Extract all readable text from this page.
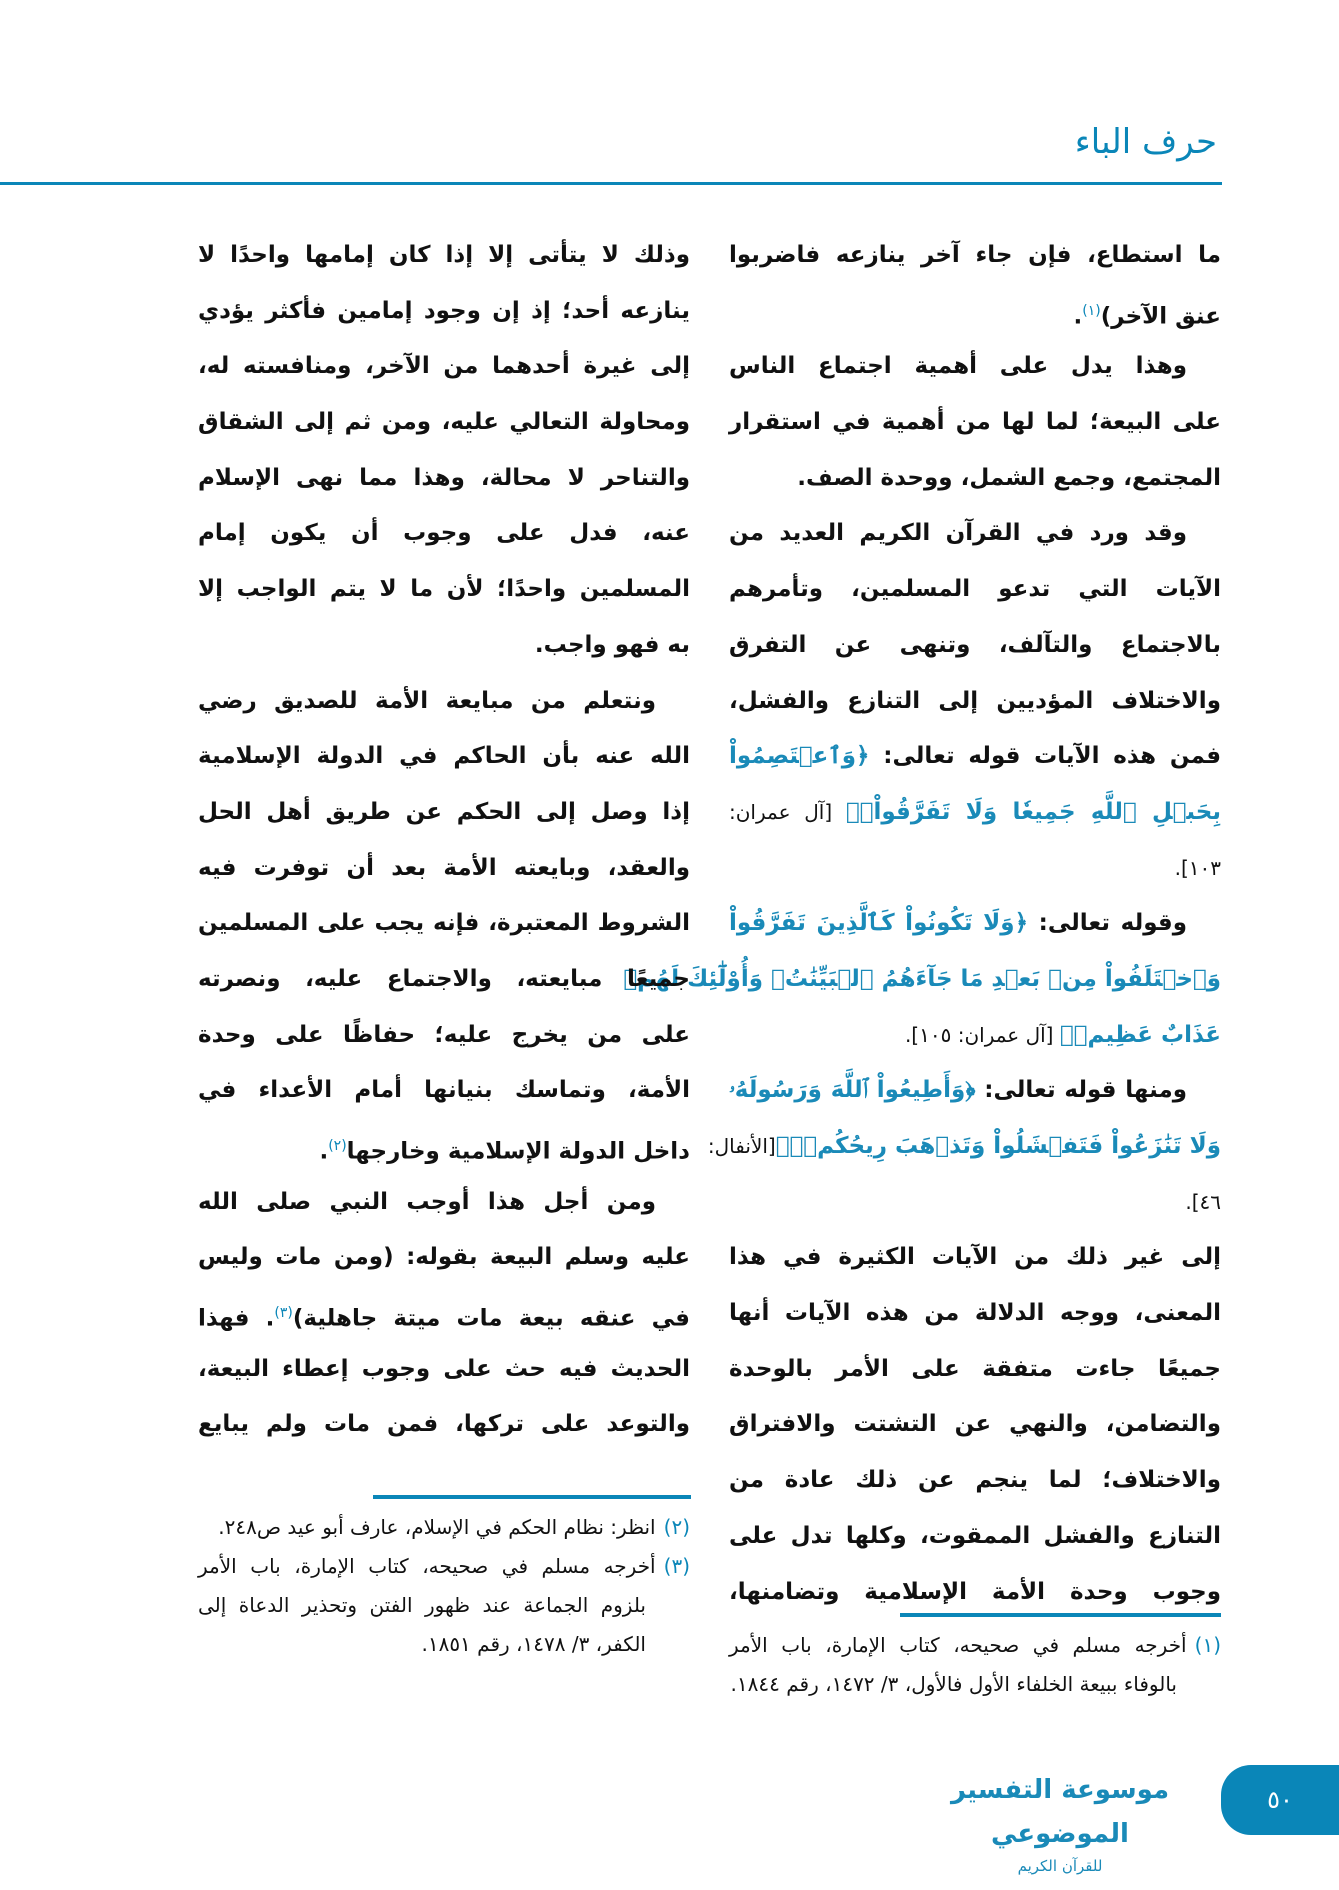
حرف الباء
ما استطاع، فإن جاء آخر ينازعه فاضربوا
عنق الآخر)$^{(١)}$.
وهذا يدل على أهمية اجتماع الناس
على البيعة؛ لما لها من أهمية في استقرار
المجتمع، وجمع الشمل، ووحدة الصف.
وقد ورد في القرآن الكريم العديد من
الآيات التي تدعو المسلمين، وتأمرهم
بالاجتماع والتآلف، وتنهى عن التفرق
والاختلاف المؤديين إلى التنازع والفشل،
فمن هذه الآيات قوله تعالى: ﴿وَٱعۡتَصِمُواْ
بِحَبۡلِ ٱللَّهِ جَمِيعٗا وَلَا تَفَرَّقُواْۚ﴾ [آل عمران:
١٠٣].
وقوله تعالى: ﴿وَلَا تَكُونُواْ كَٱلَّذِينَ تَفَرَّقُواْ
وَٱخۡتَلَفُواْ مِنۢ بَعۡدِ مَا جَآءَهُمُ ٱلۡبَيِّنَٰتُۚ وَأُوْلَٰٓئِكَ لَهُمۡ
عَذَابٌ عَظِيمٞ﴾ [آل عمران: ١٠٥].
ومنها قوله تعالى: ﴿وَأَطِيعُواْ ٱللَّهَ وَرَسُولَهُۥ
وَلَا تَنَٰزَعُواْ فَتَفۡشَلُواْ وَتَذۡهَبَ رِيحُكُمۡۖ﴾[الأنفال:
٤٦].
إلى غير ذلك من الآيات الكثيرة في هذا
المعنى، ووجه الدلالة من هذه الآيات أنها
جميعًا جاءت متفقة على الأمر بالوحدة
والتضامن، والنهي عن التشتت والافتراق
والاختلاف؛ لما ينجم عن ذلك عادة من
التنازع والفشل الممقوت، وكلها تدل على
وجوب وحدة الأمة الإسلامية وتضامنها،
وذلك لا يتأتى إلا إذا كان إمامها واحدًا لا
ينازعه أحد؛ إذ إن وجود إمامين فأكثر يؤدي
إلى غيرة أحدهما من الآخر، ومنافسته له،
ومحاولة التعالي عليه، ومن ثم إلى الشقاق
والتناحر لا محالة، وهذا مما نهى الإسلام
عنه، فدل على وجوب أن يكون إمام
المسلمين واحدًا؛ لأن ما لا يتم الواجب إلا
به فهو واجب.
ونتعلم من مبايعة الأمة للصديق رضي
الله عنه بأن الحاكم في الدولة الإسلامية
إذا وصل إلى الحكم عن طريق أهل الحل
والعقد، وبايعته الأمة بعد أن توفرت فيه
الشروط المعتبرة، فإنه يجب على المسلمين
جميعًا مبايعته، والاجتماع عليه، ونصرته
على من يخرج عليه؛ حفاظًا على وحدة
الأمة، وتماسك بنيانها أمام الأعداء في
داخل الدولة الإسلامية وخارجها$^{(٢)}$.
ومن أجل هذا أوجب النبي صلى الله
عليه وسلم البيعة بقوله: (ومن مات وليس
في عنقه بيعة مات ميتة جاهلية)$^{(٣)}$. فهذا
الحديث فيه حث على وجوب إعطاء البيعة،
والتوعد على تركها، فمن مات ولم يبايع
(١)أخرجه مسلم في صحيحه، كتاب الإمارة، باب الأمر بالوفاء ببيعة الخلفاء الأول فالأول، ٣/ ١٤٧٢، رقم ١٨٤٤.
(٢)انظر: نظام الحكم في الإسلام، عارف أبو عيد ص٢٤٨.
(٣)أخرجه مسلم في صحيحه، كتاب الإمارة، باب الأمر بلزوم الجماعة عند ظهور الفتن وتحذير الدعاة إلى الكفر، ٣/ ١٤٧٨، رقم ١٨٥١.
موسوعة التفسير الموضوعي
للقرآن الكريم
٥٠
